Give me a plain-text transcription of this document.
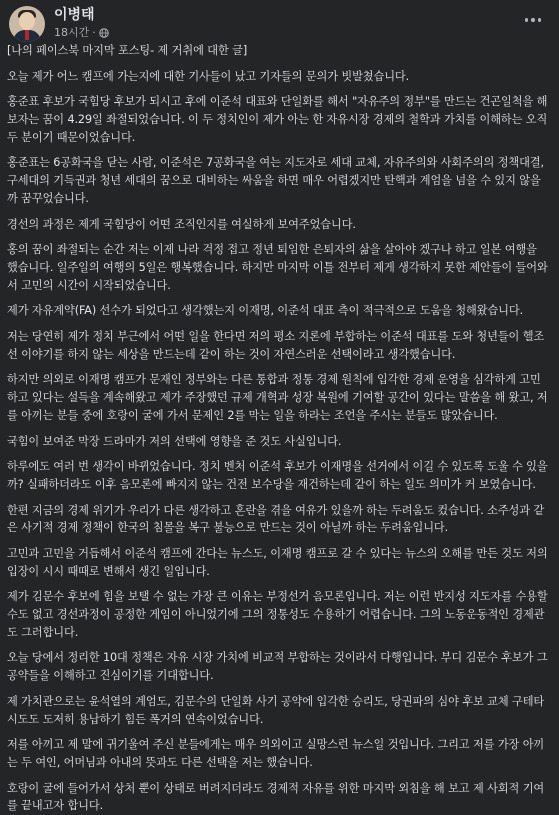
이병태
18시간 ·

[나의 페이스북 마지막 포스팅- 제 거취에 대한 글]

오늘 제가 어느 캠프에 가는지에 대한 기사들이 났고 기자들의 문의가 빗발쳤습니다.

홍준표 후보가 국힘당 후보가 되시고 후에 이준석 대표와 단일화를 해서 "자유주의 정부"를 만드는 건곤일척을 해보자는 꿈이 4.29일 좌절되었습니다. 이 두 정치인이 제가 아는 한 자유시장 경제의 철학과 가치를 이해하는 오직 두 분이기 때문이었습니다.

홍준표는 6공화국을 닫는 사람, 이준석은 7공화국을 여는 지도자로 세대 교체, 자유주의와 사회주의의 정책대결, 구세대의 기득권과 청년 세대의 꿈으로 대비하는 싸움을 하면 매우 어렵겠지만 탄핵과 계엄을 넘을 수 있지 않을까 꿈꾸었습니다.

경선의 과정은 제게 국힘당이 어떤 조직인지를 여실하게 보여주었습니다.

홍의 꿈이 좌절되는 순간 저는 이제 나라 걱정 접고 정년 퇴임한 은퇴자의 삶을 살아야 겠구나 하고 일본 여행을 했습니다. 일주일의 여행의 5일은 행복했습니다. 하지만 마지막 이틀 전부터 제게 생각하지 못한 제안들이 들어와서 고민의 시간이 시작되었습니다.

제가 자유계약(FA) 선수가 되었다고 생각했는지 이재명, 이준석 대표 측이 적극적으로 도움을 청해왔습니다.

저는 당연히 제가 정치 부근에서 어떤 일을 한다면 저의 평소 지론에 부합하는 이준석 대표를 도와 청년들이 헬조선 이야기를 하지 않는 세상을 만드는데 같이 하는 것이 자연스러운 선택이라고 생각했습니다.

하지만 의외로 이재명 캠프가 문재인 정부와는 다른 통합과 정통 경제 원칙에 입각한 경제 운영을 심각하게 고민하고 있다는 설득을 계속해왔고 제가 주장했던 규제 개혁과 성장 복원에 기여할 공간이 있다는 말씀을 해 왔고, 저를 아끼는 분들 중에 호랑이 굴에 가서 문제인 2를 막는 일을 하라는 조언을 주시는 분들도 많았습니다.

국힘이 보여준 막장 드라마가 저의 선택에 영향을 준 것도 사실입니다.

하루에도 여러 번 생각이 바뀌었습니다. 정치 벤처 이준석 후보가 이재명을 선거에서 이길 수 있도록 도울 수 있을까? 실패하더라도 이후 음모론에 빠지지 않는 건전 보수당을 재건하는데 같이 하는 일도 의미가 커 보였습니다.

한편 지금의 경제 위기가 우리가 다른 생각하고 혼란을 겪을 여유가 있을까 하는 두려움도 컸습니다. 소주성과 같은 사기적 경제 정책이 한국의 침몰을 복구 불능으로 만드는 것이 아닐까 하는 두려움입니다.

고민과 고민을 거듭해서 이준석 캠프에 간다는 뉴스도, 이재명 캠프로 갈 수 있다는 뉴스의 오해를 만든 것도 저의 입장이 시시 때때로 변해서 생긴 일입니다.

제가 김문수 후보에 힘을 보탤 수 없는 가장 큰 이유는 부정선거 음모론입니다. 저는 이런 반지성 지도자를 수용할 수도 없고 경선과정이 공정한 게임이 아니었기에 그의 정통성도 수용하기 어렵습니다. 그의 노동운동적인 경제관도 그러합니다.

오늘 당에서 정리한 10대 정책은 자유 시장 가치에 비교적 부합하는 것이라서 다행입니다. 부디 김문수 후보가 그 공약들을 이해하고 진심이기를 기대합니다.

제 가치관으로는 윤석열의 계엄도, 김문수의 단일화 사기 공약에 입각한 승리도, 당권파의 심야 후보 교체 구테타 시도도 도저히 용납하기 힘든 폭거의 연속이었습니다.

저를 아끼고 제 말에 귀기울여 주신 분들에게는 매우 의외이고 실망스런 뉴스일 것입니다. 그리고 저를 가장 아끼는 두 여인, 어머님과 아내의 뜻과도 다른 선택을 저는 했습니다.

호랑이 굴에 들어가서 상처 뿐이 상태로 버려지더라도 경제적 자유를 위한 마지막 외침을 해 보고 제 사회적 기여를 끝내고자 합니다.
